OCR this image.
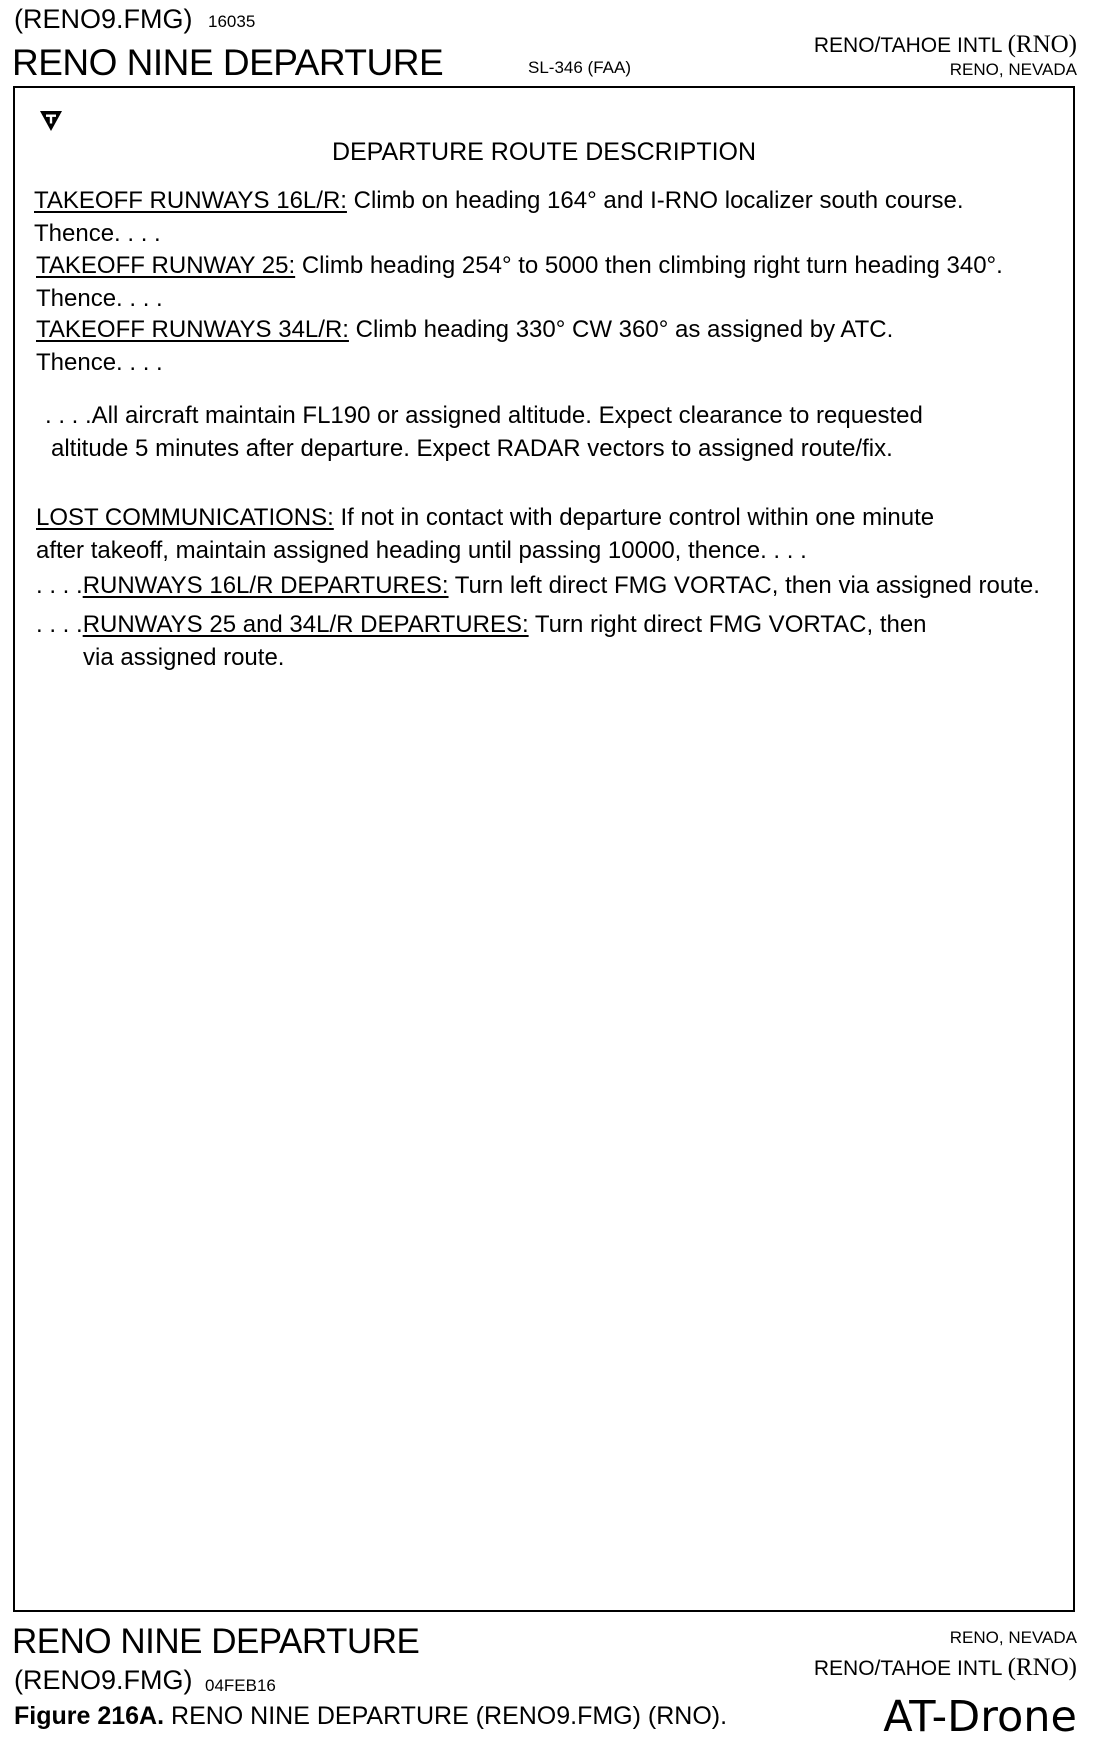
(RENO9.FMG) 16035
RENO NINE DEPARTURE	SL-346 (FAA)
RENO/TAHOE INTL (RNO)
RENO, NEVADA
DEPARTURE ROUTE DESCRIPTION
TAKEOFF RUNWAYS 16L/R: Climb on heading 164° and I-RNO localizer south course.
Thence. . . .
TAKEOFF RUNWAY 25: Climb heading 254° to 5000 then climbing right turn heading 340°.
Thence. . . .
TAKEOFF RUNWAYS 34L/R: Climb heading 330° CW 360° as assigned by ATC.
Thence. . . .
. . . .All aircraft maintain FL190 or assigned altitude. Expect clearance to requested
altitude 5 minutes after departure. Expect RADAR vectors to assigned route/fix.
LOST COMMUNICATIONS: If not in contact with departure control within one minute
after takeoff, maintain assigned heading until passing 10000, thence. . . .
. . . .RUNWAYS 16L/R DEPARTURES: Turn left direct FMG VORTAC, then via assigned route.
. . . .RUNWAYS 25 and 34L/R DEPARTURES: Turn right direct FMG VORTAC, then
via assigned route.
RENO NINE DEPARTURE
(RENO9.FMG) 04FEB16
RENO, NEVADA
RENO/TAHOE INTL (RNO)
Figure 216A. RENO NINE DEPARTURE (RENO9.FMG) (RNO).	AT-Drone
